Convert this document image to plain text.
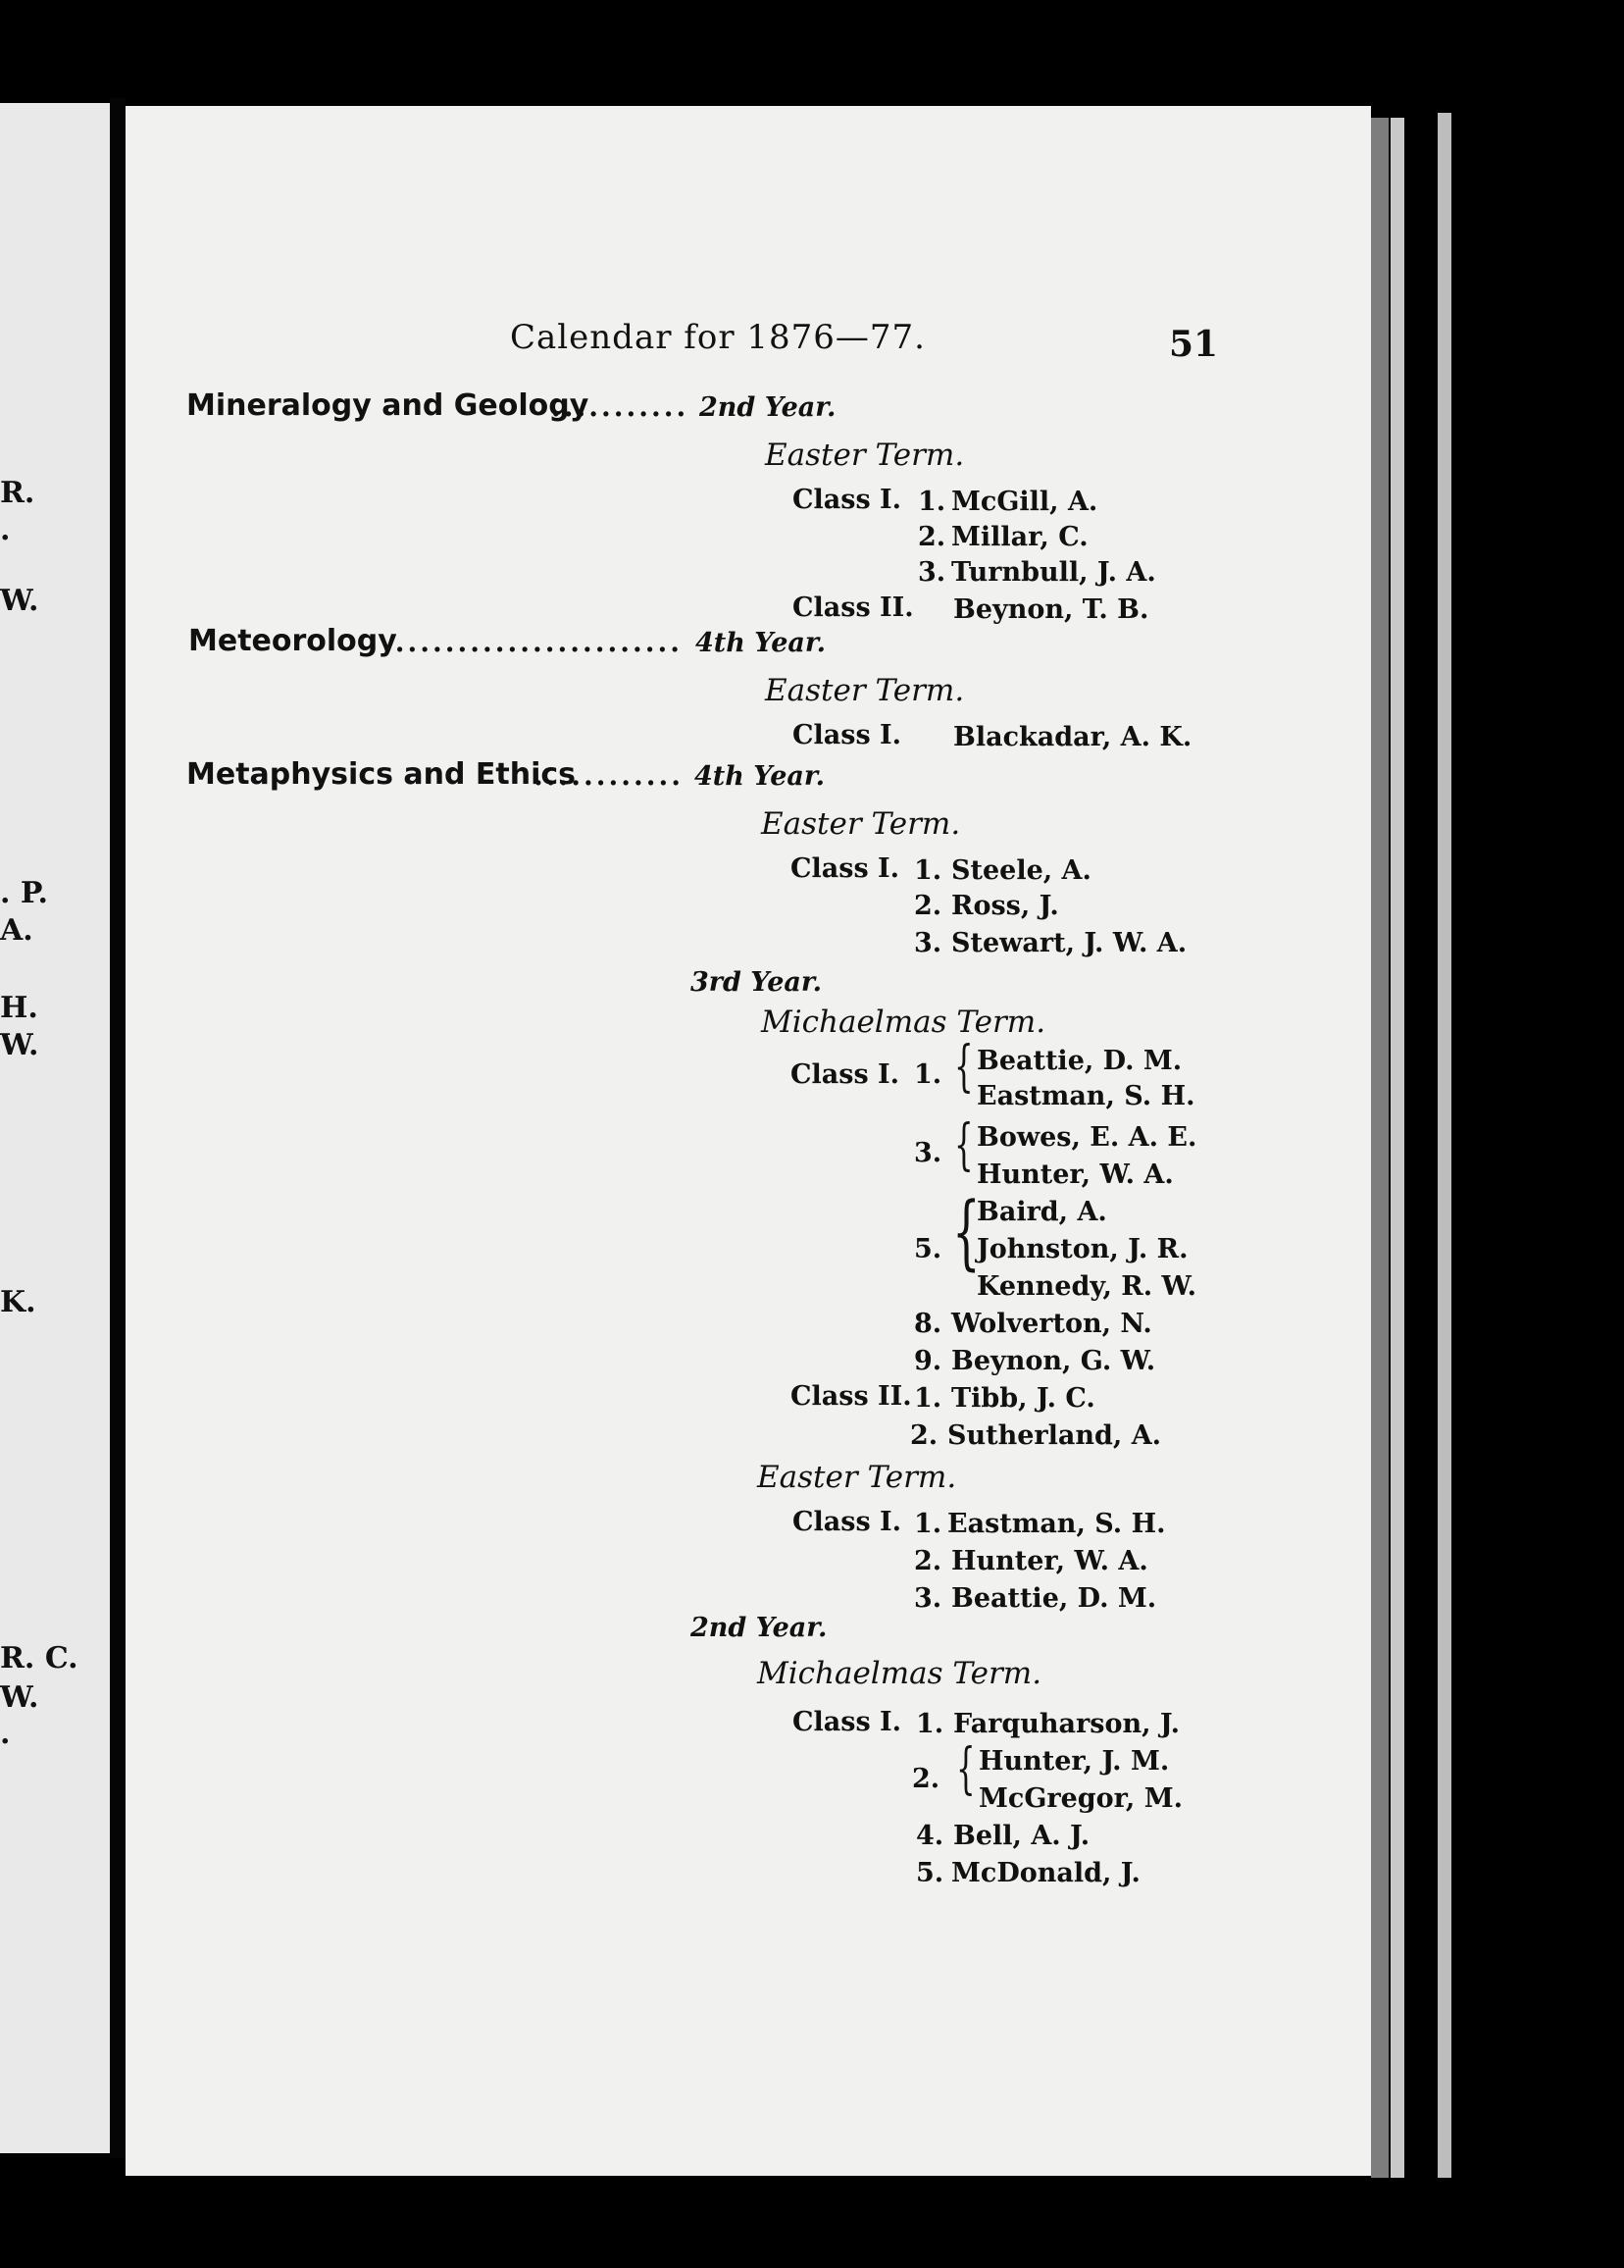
R.
.
W.
. P.
A.
H.
W.
K.
R. C.
W.
.
Calendar for 1876—77.	51
Mineralogy and Geology
........... 2nd Year.
Easter Term.
Class I. 1. McGill, A.
2. Millar, C.
3. Turnbull, J. A.
Class II. Beynon, T. B.
Meteorology
........................ 4th Year.
Easter Term.
Class I. Blackadar, A. K.
Metaphysics and Ethics
............ 4th Year.
Easter Term.
Class I. 1. Steele, A.
2. Ross, J.
3. Stewart, J. W. A.
3rd Year.
Michaelmas Term.
Class I. 1. { Beattie, D. M.
Eastman, S. H.
3. { Bowes, E. A. E.
Hunter, W. A.
5. {
Baird, A.
Johnston, J. R.
Kennedy, R. W.
8. Wolverton, N.
9. Beynon, G. W.
Class II. 1. Tibb, J. C.
2. Sutherland, A.
Easter Term.
Class I. 1. Eastman, S. H.
2. Hunter, W. A.
3. Beattie, D. M.
2nd Year.
Michaelmas Term.
Class I. 1. Farquharson, J.
2. { Hunter, J. M.
McGregor, M.
4. Bell, A. J.
5. McDonald, J.
